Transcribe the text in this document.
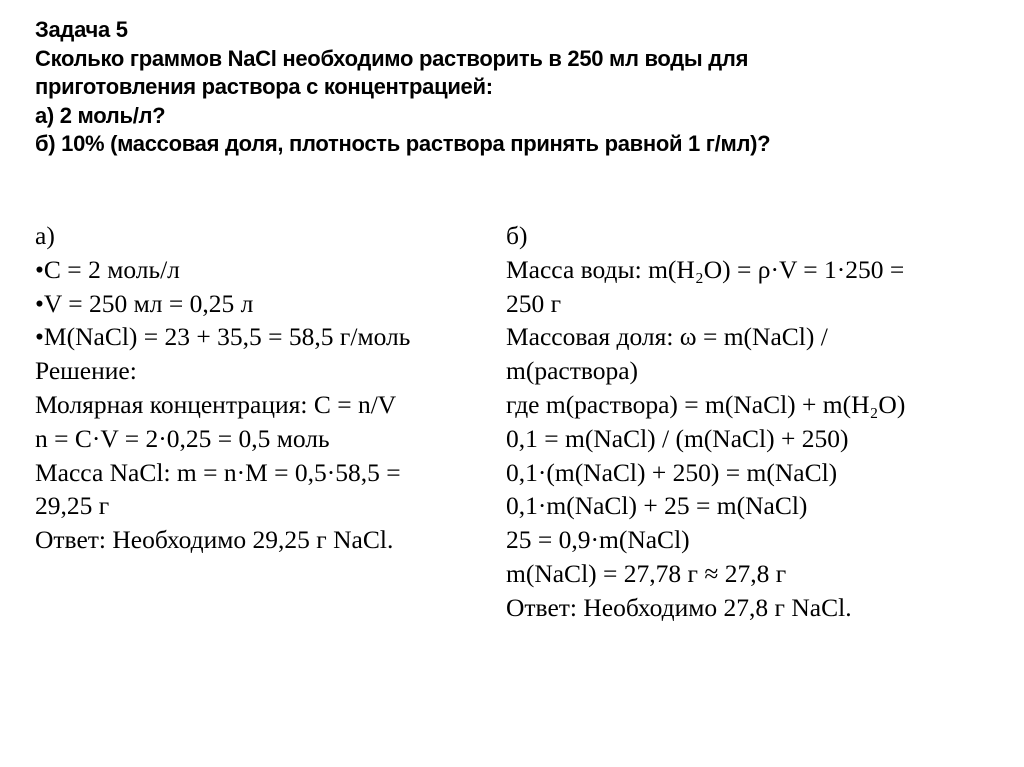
Задача 5
Сколько граммов NaCl необходимо растворить в 250 мл воды для
приготовления раствора с концентрацией:
а) 2 моль/л?
б) 10% (массовая доля, плотность раствора принять равной 1 г/мл)?
а)
•C = 2 моль/л
•V = 250 мл = 0,25 л
•M(NaCl) = 23 + 35,5 = 58,5 г/моль
Решение:
Молярная концентрация: C = n/V
n = C·V = 2·0,25 = 0,5 моль
Масса NaCl: m = n·M = 0,5·58,5 =
29,25 г
Ответ: Необходимо 29,25 г NaCl.
б)
Масса воды: m(H₂O) = ρ·V = 1·250 =
250 г
Массовая доля: ω = m(NaCl) /
m(раствора)
где m(раствора) = m(NaCl) + m(H₂O)
0,1 = m(NaCl) / (m(NaCl) + 250)
0,1·(m(NaCl) + 250) = m(NaCl)
0,1·m(NaCl) + 25 = m(NaCl)
25 = 0,9·m(NaCl)
m(NaCl) = 27,78 г ≈ 27,8 г
Ответ: Необходимо 27,8 г NaCl.
